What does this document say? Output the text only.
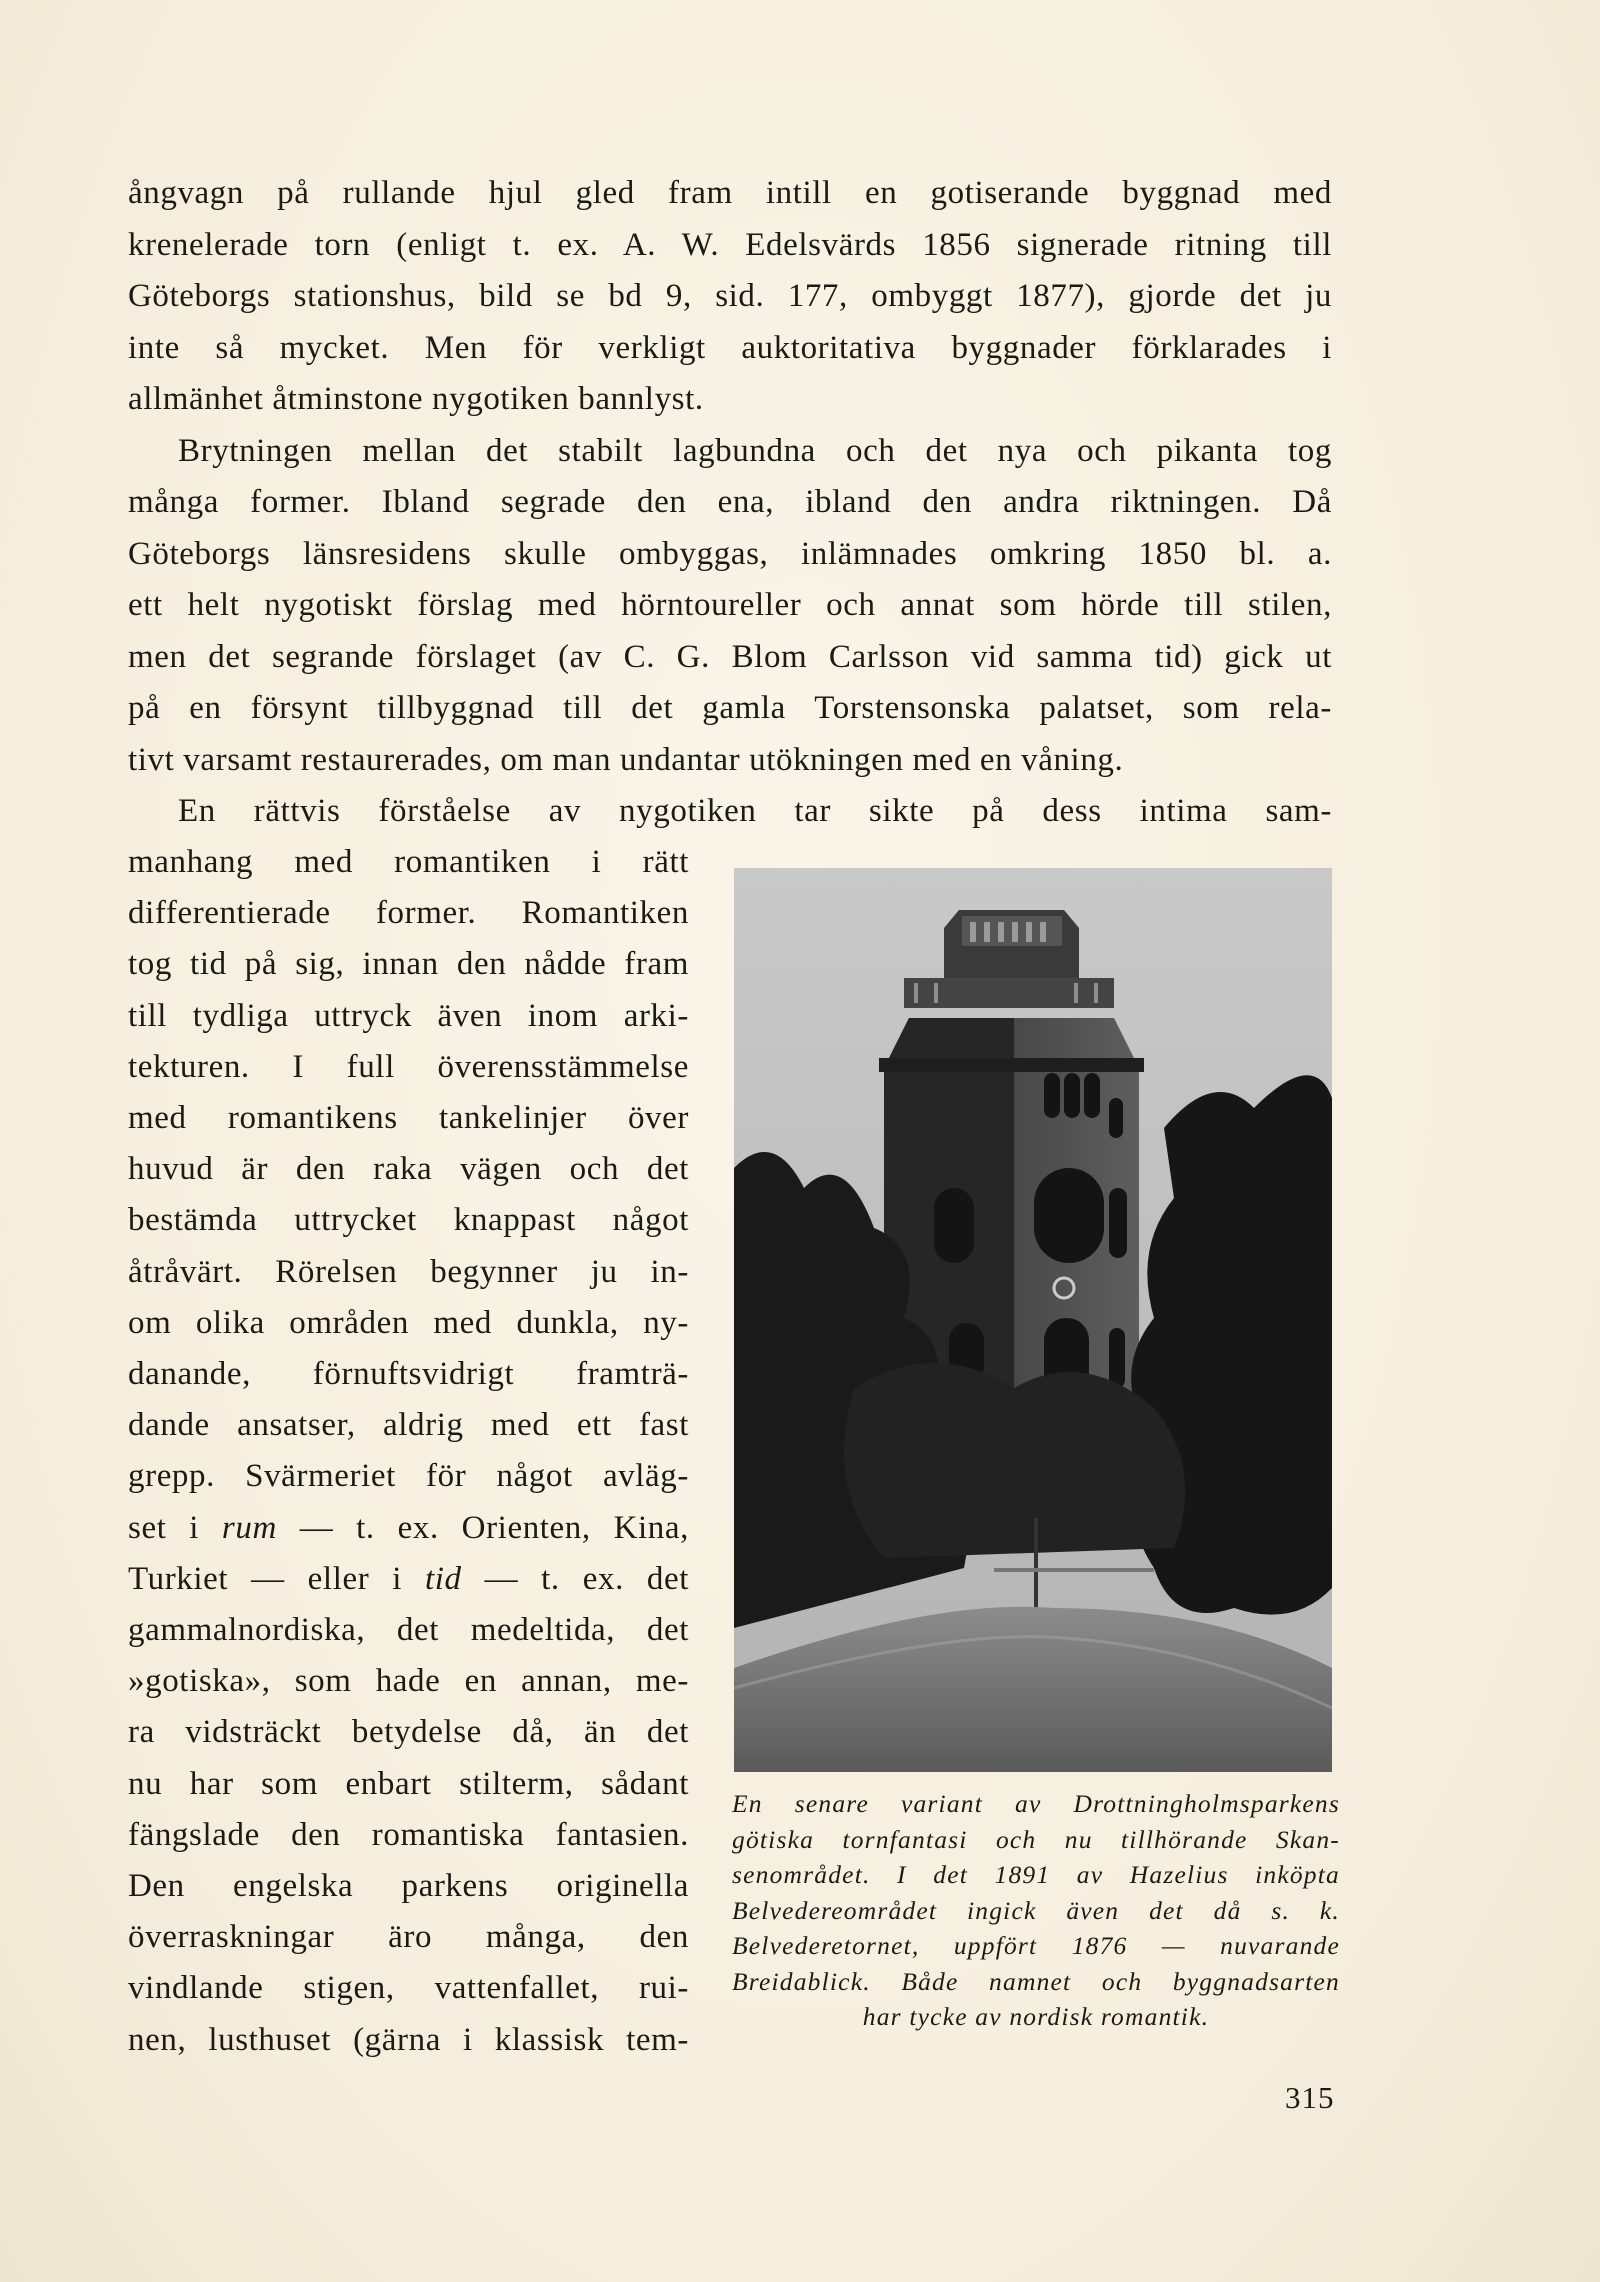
ångvagn på rullande hjul gled fram intill en gotiserande byggnad med

krenelerade torn (enligt t. ex. A. W. Edelsvärds 1856 signerade ritning till

Göteborgs stationshus, bild se bd 9, sid. 177, ombyggt 1877), gjorde det ju

inte så mycket. Men för verkligt auktoritativa byggnader förklarades i

allmänhet åtminstone nygotiken bannlyst.

Brytningen mellan det stabilt lagbundna och det nya och pikanta tog

många former. Ibland segrade den ena, ibland den andra riktningen. Då

Göteborgs länsresidens skulle ombyggas, inlämnades omkring 1850 bl. a.

ett helt nygotiskt förslag med hörntoureller och annat som hörde till stilen,

men det segrande förslaget (av C. G. Blom Carlsson vid samma tid) gick ut

på en försynt tillbyggnad till det gamla Torstensonska palatset, som rela-

tivt varsamt restaurerades, om man undantar utökningen med en våning.

En rättvis förståelse av nygotiken tar sikte på dess intima sam-

manhang med romantiken i rätt

differentierade former. Romantiken

tog tid på sig, innan den nådde fram

till tydliga uttryck även inom arki-

tekturen. I full överensstämmelse

med romantikens tankelinjer över

huvud är den raka vägen och det

bestämda uttrycket knappast något

åtråvärt. Rörelsen begynner ju in-

om olika områden med dunkla, ny-

danande, förnuftsvidrigt framträ-

dande ansatser, aldrig med ett fast

grepp. Svärmeriet för något avläg-

set i rum — t. ex. Orienten, Kina,

Turkiet — eller i tid — t. ex. det

gammalnordiska, det medeltida, det

»gotiska», som hade en annan, me-

ra vidsträckt betydelse då, än det

nu har som enbart stilterm, sådant

fängslade den romantiska fantasien.

Den engelska parkens originella

överraskningar äro många, den

vindlande stigen, vattenfallet, rui-

nen, lusthuset (gärna i klassisk tem-

En senare variant av Drottningholmsparkens

götiska tornfantasi och nu tillhörande Skan-

senområdet. I det 1891 av Hazelius inköpta

Belvedereområdet ingick även det då s. k.

Belvederetornet, uppfört 1876 — nuvarande

Breidablick. Både namnet och byggnadsarten

har tycke av nordisk romantik.

315
